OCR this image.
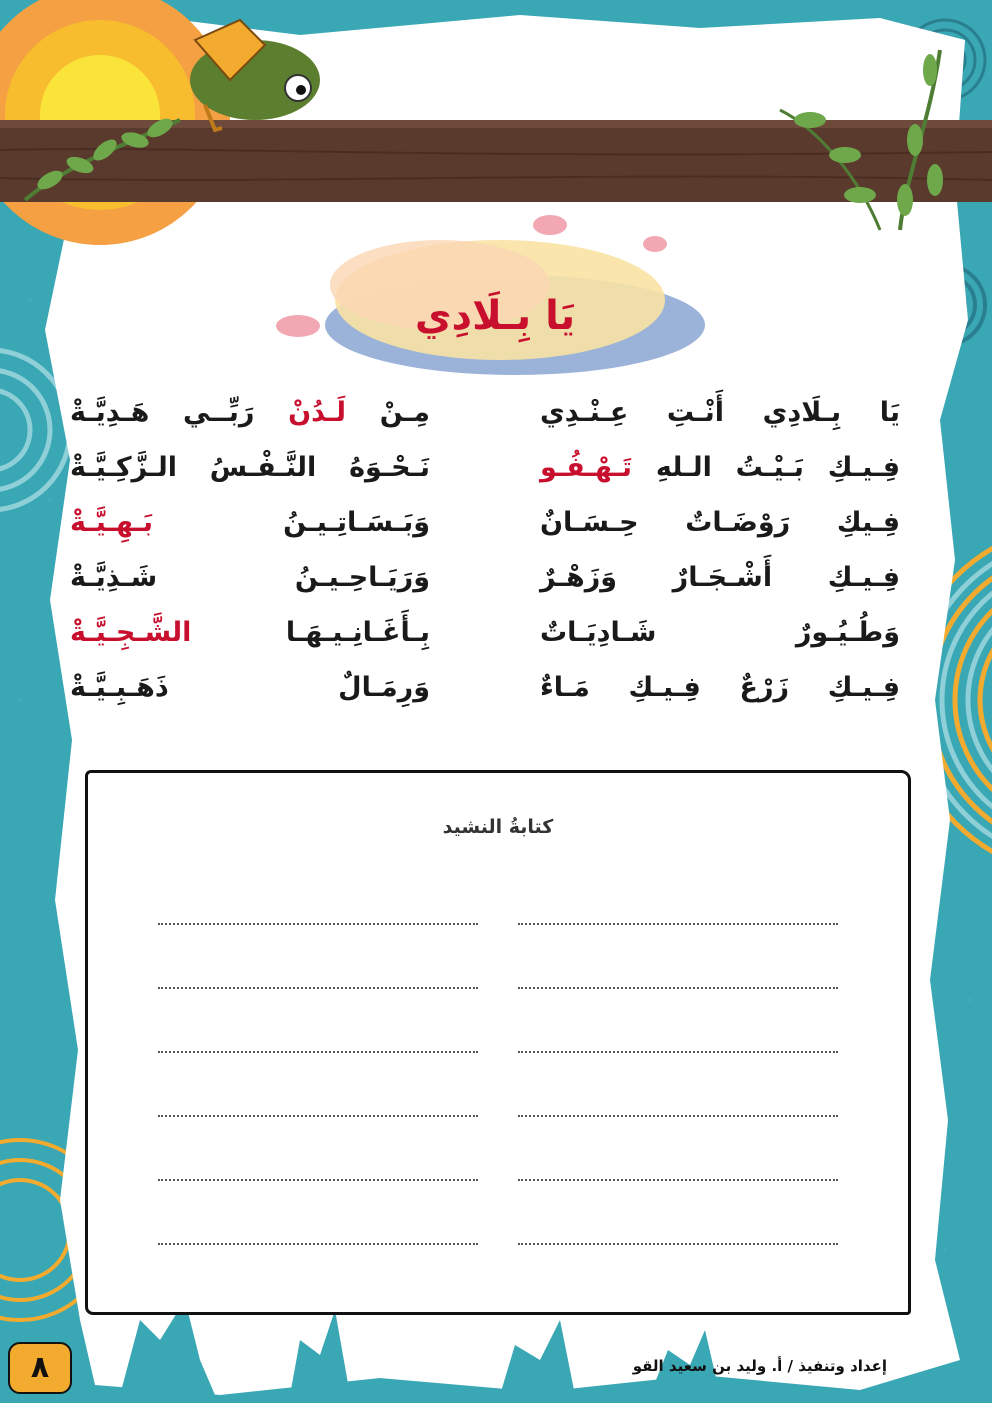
يَا بِـلَادِي
يَا بِـلَادِي أَنْـتِ عِـنْـدِي
مِـنْ لَـدُنْ رَبِّــي هَـدِيَّـةْ
فِـيـكِ بَـيْـتُ الـلهِ تَـهْـفُـو
نَـحْـوَهُ النَّـفْـسُ الـزَّكِـيَّـةْ
فِـيكِ رَوْضَـاتٌ حِـسَـانٌ
وَبَـسَـاتِـيـنُ بَـهِـيَّـةْ
فِـيـكِ أَشْـجَـارٌ وَزَهْـرٌ
وَرَيَـاحِـيـنُ شَـذِيَّـةْ
وَطُـيُـورٌ شَـادِيَـاتٌ
بِـأَغَـانِـيـهَـا الشَّـجِـيَّـةْ
فِـيـكِ زَرْعٌ فِـيـكِ مَـاءٌ
وَرِمَـالٌ ذَهَـبِـيَّـةْ
كتابةُ النشيد
٨	إعداد وتنفيذ / أ. وليد بن سعيد القو
